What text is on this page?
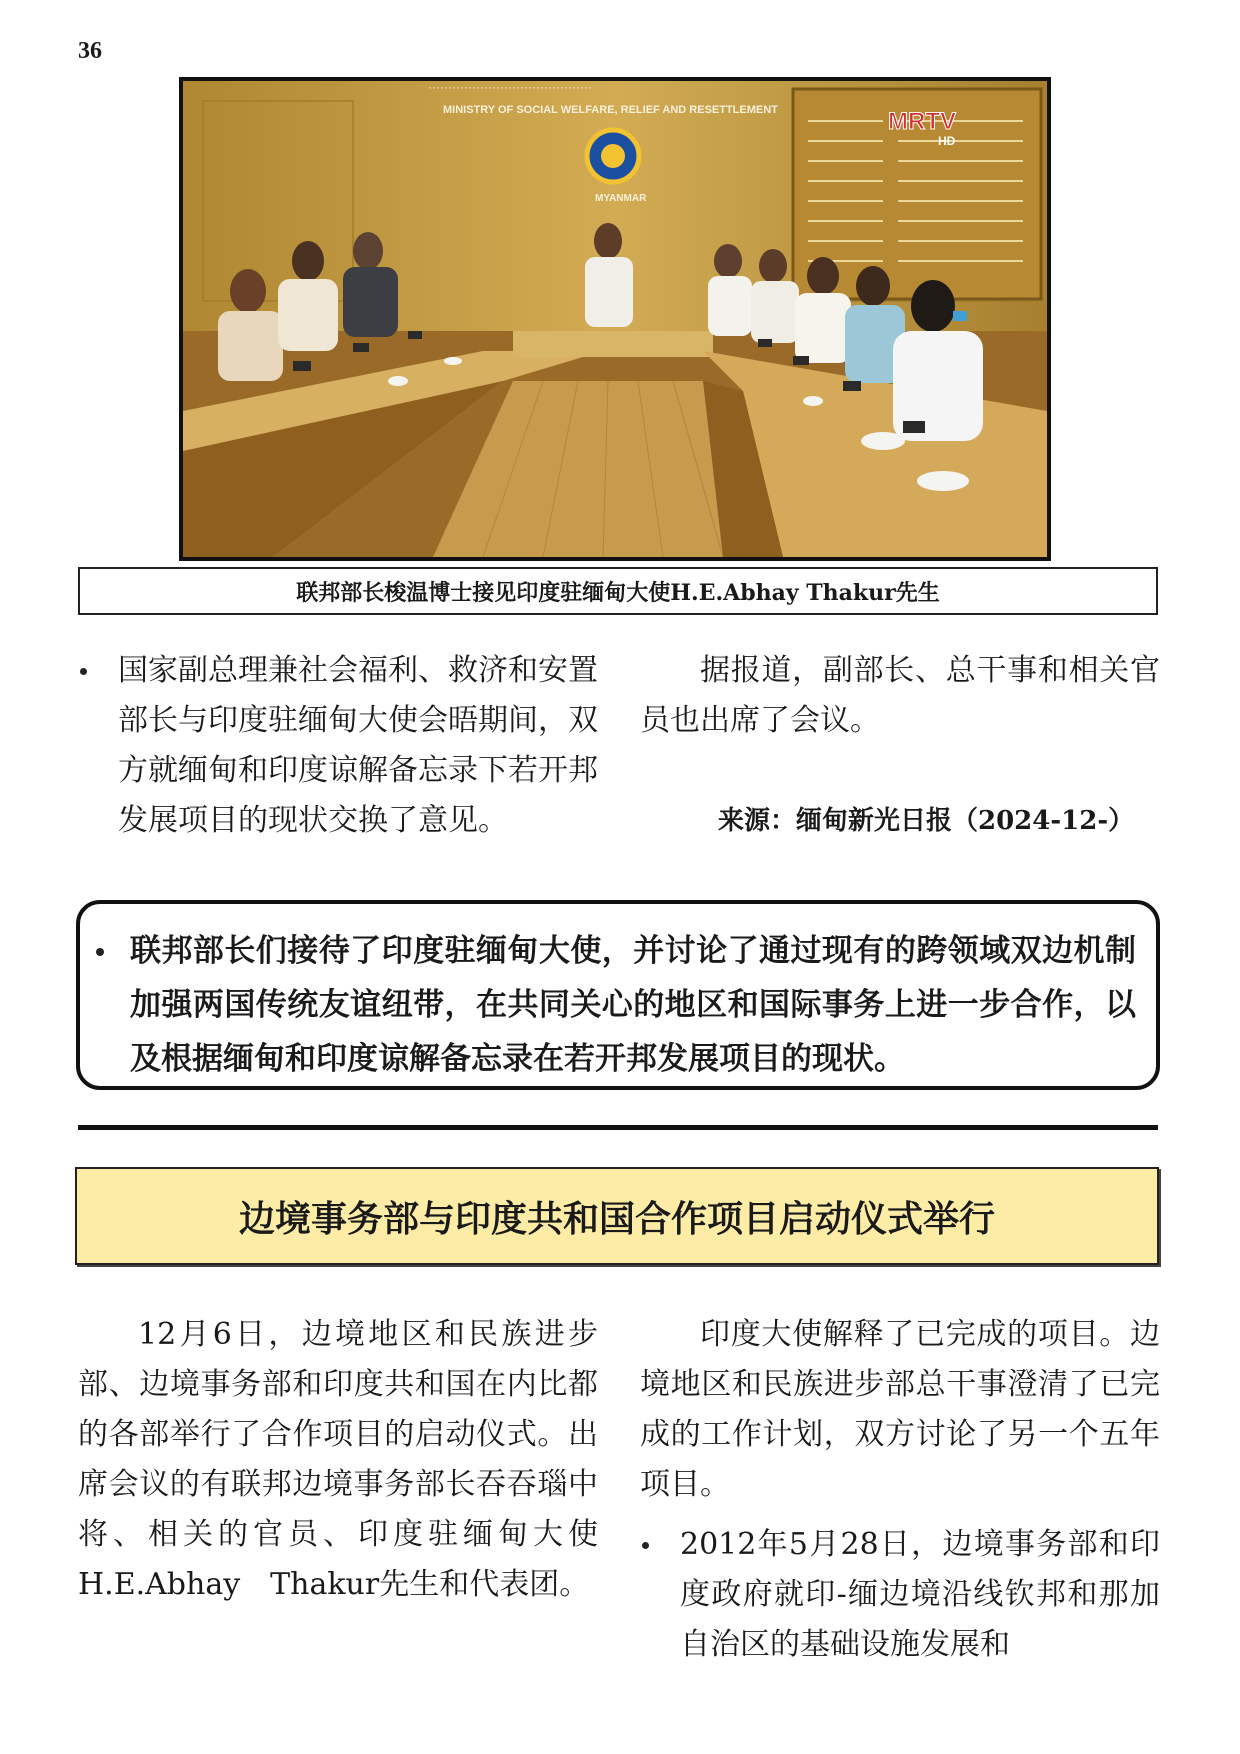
36
·········································
MINISTRY OF SOCIAL WELFARE, RELIEF AND RESETTLEMENT
MYANMAR
MRTV
HD
联邦部长梭温博士接见印度驻缅甸大使H.E.Abhay Thakur先生
国家副总理兼社会福利、救济和安置部长与印度驻缅甸大使会晤期间，双方就缅甸和印度谅解备忘录下若开邦发展项目的现状交换了意见。
据报道，副部长、总干事和相关官员也出席了会议。
来源：缅甸新光日报（2024-12-）
联邦部长们接待了印度驻缅甸大使，并讨论了通过现有的跨领域双边机制加强两国传统友谊纽带，在共同关心的地区和国际事务上进一步合作，以及根据缅甸和印度谅解备忘录在若开邦发展项目的现状。
边境事务部与印度共和国合作项目启动仪式举行
12月6日，边境地区和民族进步部、边境事务部和印度共和国在内比都的各部举行了合作项目的启动仪式。出席会议的有联邦边境事务部长吞吞瑙中将、相关的官员、印度驻缅甸大使H.E.Abhay　Thakur先生和代表团。
印度大使解释了已完成的项目。边境地区和民族进步部总干事澄清了已完成的工作计划，双方讨论了另一个五年项目。
2012年5月28日，边境事务部和印度政府就印-缅边境沿线钦邦和那加自治区的基础设施发展和
